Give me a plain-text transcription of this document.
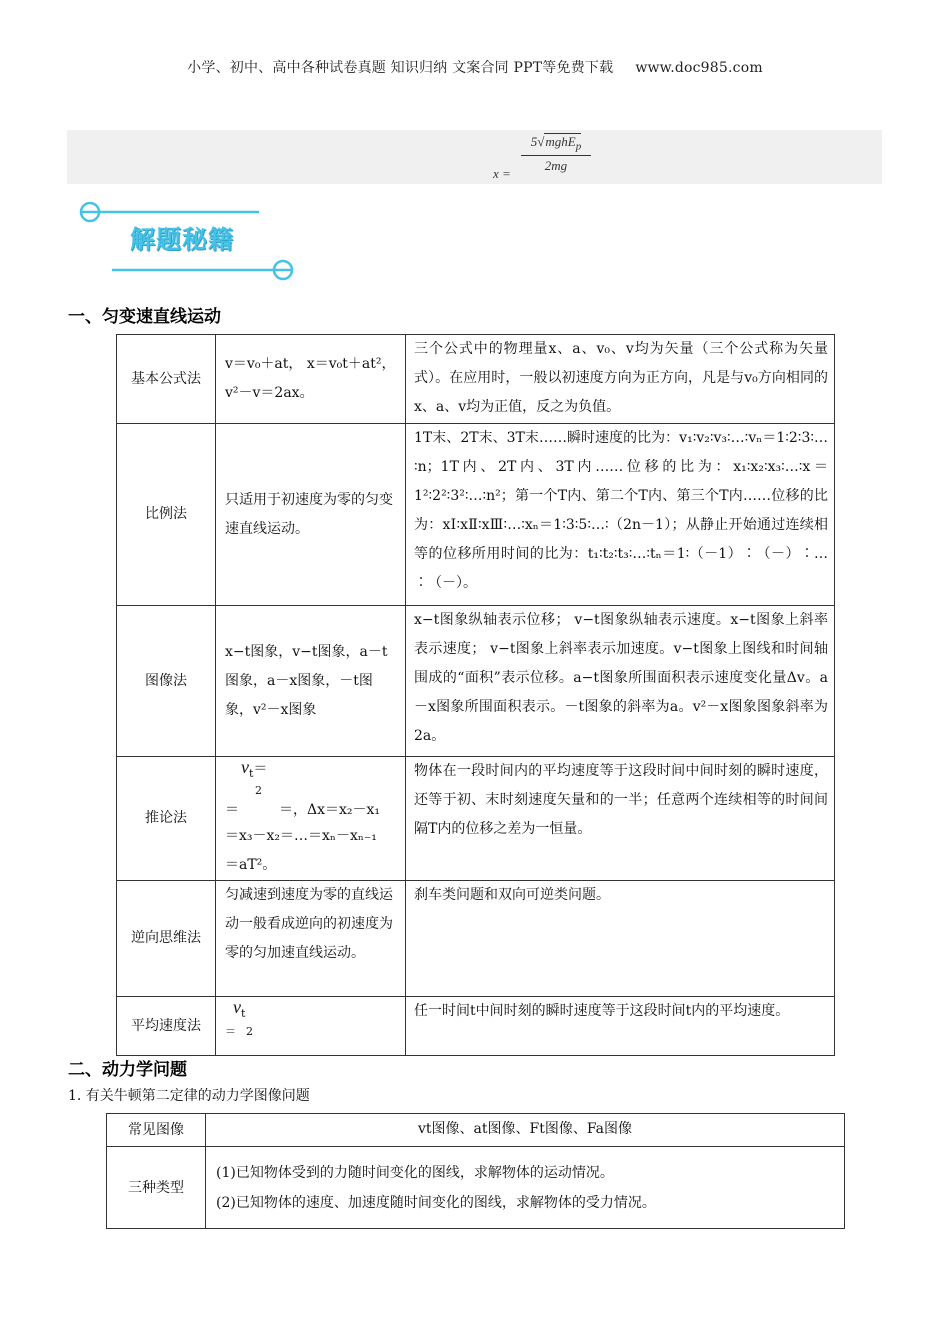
小学、初中、高中各种试卷真题 知识归纳 文案合同 PPT等免费下载 www.doc985.com
x =
5√mghE$_p$
2mg
解题秘籍
一、匀变速直线运动
基本公式法	v＝v₀＋at， x＝v₀t＋at²，v²－v＝2ax。	三个公式中的物理量x、a、v₀、v均为矢量（三个公式称为矢量式）。在应用时，一般以初速度方向为正方向，凡是与v₀方向相同的x、a、v均为正值，反之为负值。
比例法	只适用于初速度为零的匀变速直线运动。	1T末、2T末、3T末……瞬时速度的比为：v₁∶v₂∶v₃∶…∶vₙ＝1∶2∶3∶…∶n；1T内、2T内、3T内……位移的比为：x₁∶x₂∶x₃∶…∶x＝1²∶2²∶3²∶…∶n²；第一个T内、第二个T内、第三个T内……位移的比为：xⅠ∶xⅡ∶xⅢ∶…∶xₙ＝1∶3∶5∶…∶（2n－1）；从静止开始通过连续相等的位移所用时间的比为：t₁∶t₂∶t₃∶…∶tₙ＝1∶（－1）∶（－）∶…∶（－）。
图像法	x−t图象，v−t图象，a－t图象，a－x图象，－t图象，v²－x图象	x−t图象纵轴表示位移； v−t图象纵轴表示速度。x−t图象上斜率表示速度； v−t图象上斜率表示加速度。v−t图象上图线和时间轴围成的“面积”表示位移。a−t图象所围面积表示速度变化量Δv。a－x图象所围面积表示。－t图象的斜率为a。v²－x图象图象斜率为2a。
推论法	$v_t=$
2
＝ ＝，Δx＝x₂－x₁
＝x₃－x₂＝…＝xₙ－xₙ₋₁
＝aT²。	物体在一段时间内的平均速度等于这段时间中间时刻的瞬时速度，还等于初、末时刻速度矢量和的一半；任意两个连续相等的时间间隔T内的位移之差为一恒量。
逆向思维法	匀减速到速度为零的直线运动一般看成逆向的初速度为零的匀加速直线运动。	刹车类问题和双向可逆类问题。
平均速度法	$v_t$
＝ 2	任一时间t中间时刻的瞬时速度等于这段时间t内的平均速度。
二、动力学问题
1. 有关牛顿第二定律的动力学图像问题
常见图像	vt图像、at图像、Ft图像、Fa图像
三种类型	(1)已知物体受到的力随时间变化的图线，求解物体的运动情况。
(2)已知物体的速度、加速度随时间变化的图线，求解物体的受力情况。
